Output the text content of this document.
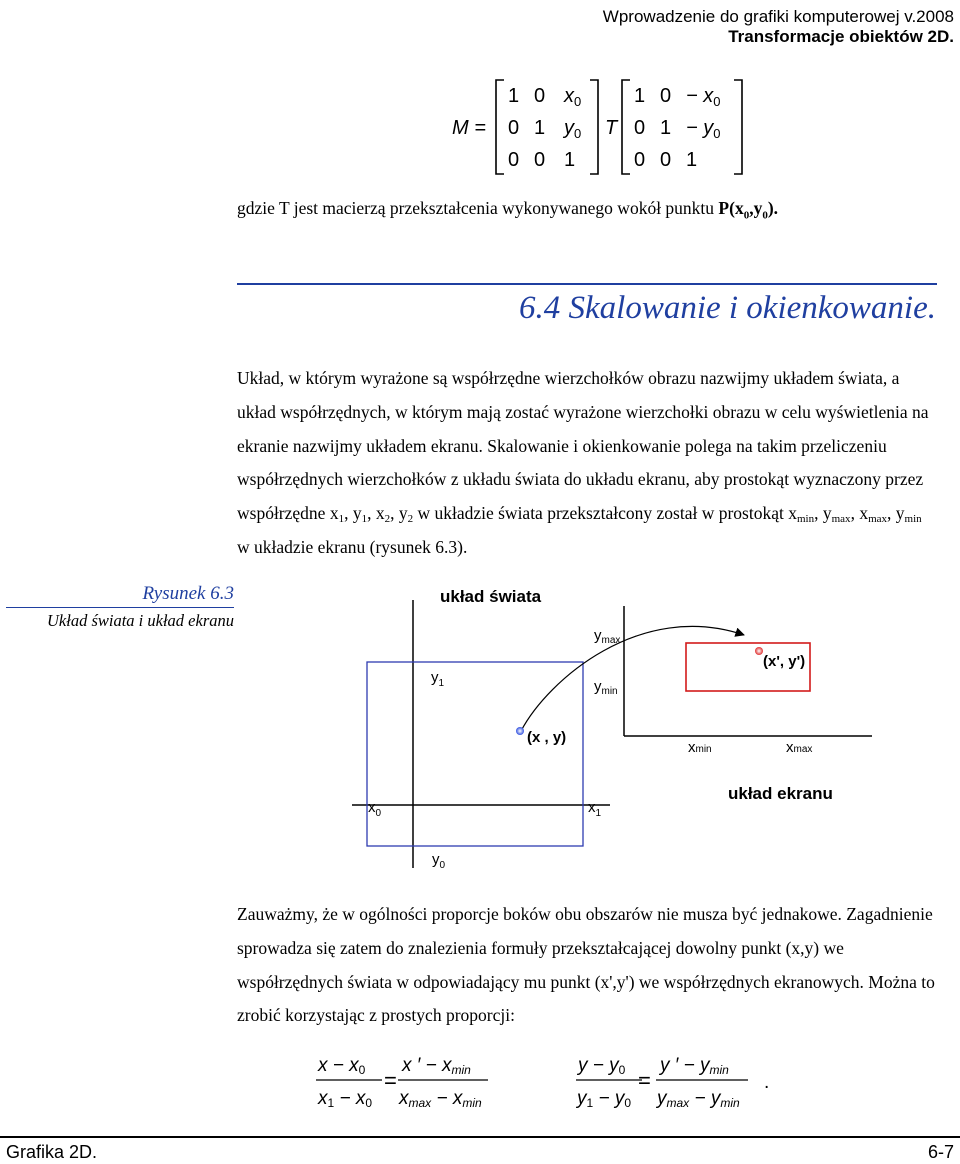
Wprowadzenie do grafiki komputerowej v.2008
Transformacje obiektów 2D.
M =
1 0 $x_0$
0 1 $y_0$
0 0 1
T
1 $0 - x_0$
0 $1 - y_0$
0 0 1
gdzie T jest macierzą przekształcenia wykonywanego wokół punktu $P(x_0,y_0)$.
6.4 Skalowanie i okienkowanie.

Układ, w którym wyrażone są współrzędne wierzchołków obrazu nazwijmy układem świata, a układ współrzędnych, w którym mają zostać wyrażone wierzchołki obrazu w celu wyświetlenia na ekranie nazwijmy układem ekranu. Skalowanie i okienkowanie polega na takim przeliczeniu współrzędnych wierzchołków z układu świata do układu ekranu, aby prostokąt wyznaczony przez współrzędne $x_1$, $y_1$, $x_2$, $y_2$ w układzie świata przekształcony został w prostokąt $x_{min}$, $y_{max}$, $x_{max}$, $y_{min}$ w układzie ekranu (rysunek 6.3).

Rysunek 6.3
Układ świata i układ ekranu
układ świata
układ ekranu
(x , y)
(x', y')
$y_1$
$y_0$
$x_0$	$x_1$
$y_{max}$
$y_{min}$
xmin	xmax

Zauważmy, że w ogólności proporcje boków obu obszarów nie musza być jednakowe. Zagadnienie sprowadza się zatem do znalezienia formuły przekształcającej dowolny punkt (x,y) we współrzędnych świata w odpowiadający mu punkt (x',y') we współrzędnych ekranowych. Można to zrobić korzystając z prostych proporcji:

x − x0
x1 − x0
=
x ′ − xmin
xmax − xmin
y − y0
y1 − y0
=
y ′ − ymin
ymax − ymin
.
Grafika 2D.	6-7
